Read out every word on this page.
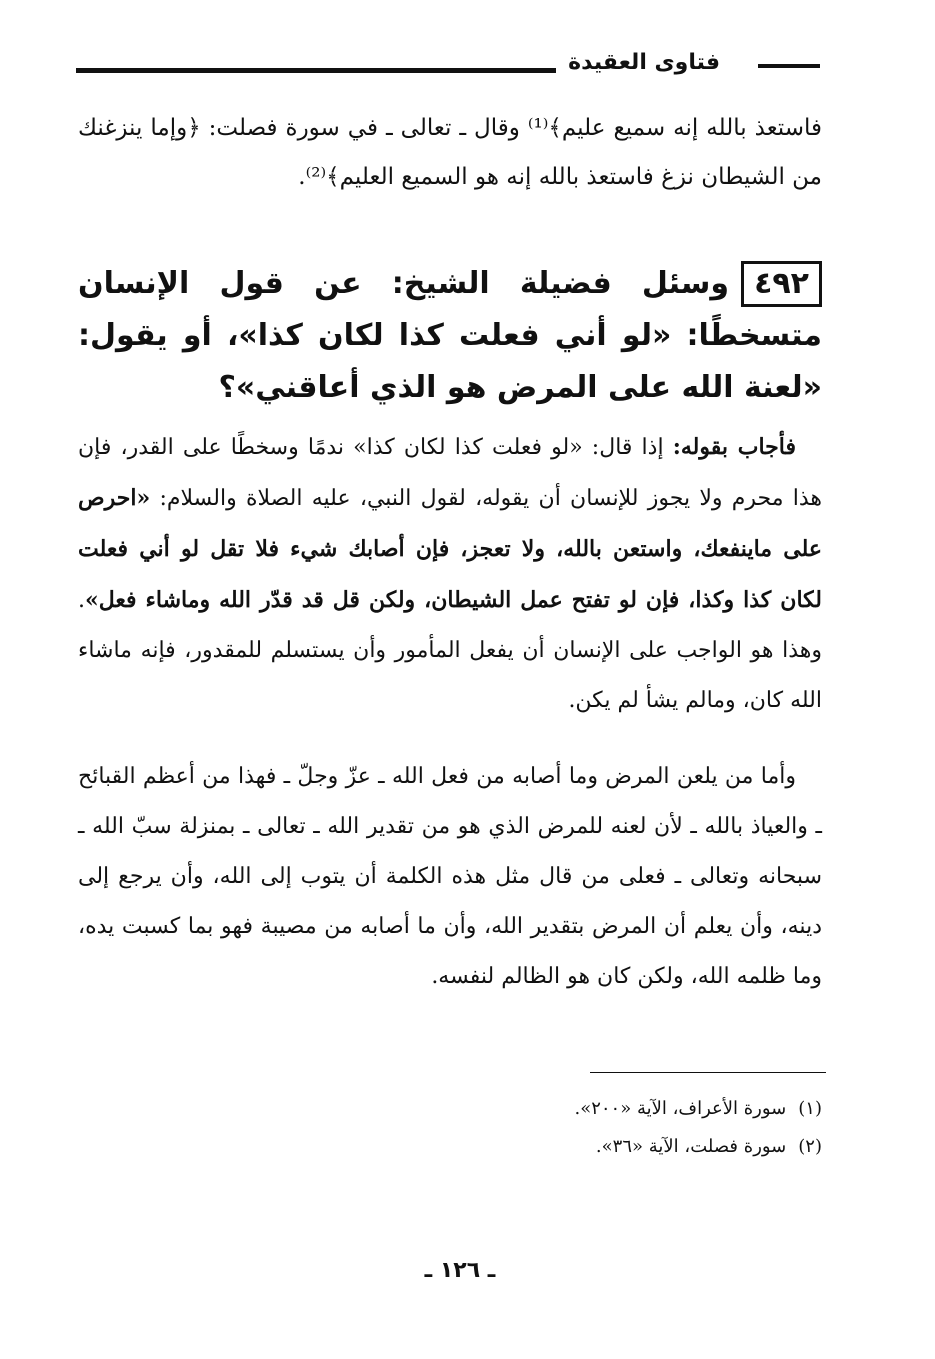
فتاوى العقيدة
فاستعذ بالله إنه سميع عليم﴾⁽¹⁾ وقال ـ تعالى ـ في سورة فصلت: ﴿وإما ينزغنك من الشيطان نزغ فاستعذ بالله إنه هو السميع العليم﴾⁽²⁾.
٤٩٢وسئل فضيلة الشيخ: عن قول الإنسان متسخطًا: «لو أني فعلت كذا لكان كذا»، أو يقول: «لعنة الله على المرض هو الذي أعاقني»؟
فأجاب بقوله: إذا قال: «لو فعلت كذا لكان كذا» ندمًا وسخطًا على القدر، فإن هذا محرم ولا يجوز للإنسان أن يقوله، لقول النبي، عليه الصلاة والسلام: «احرص على ماينفعك، واستعن بالله، ولا تعجز، فإن أصابك شيء فلا تقل لو أني فعلت لكان كذا وكذا، فإن لو تفتح عمل الشيطان، ولكن قل قد قدّر الله وماشاء فعل». وهذا هو الواجب على الإنسان أن يفعل المأمور وأن يستسلم للمقدور، فإنه ماشاء الله كان، ومالم يشأ لم يكن.
وأما من يلعن المرض وما أصابه من فعل الله ـ عزّ وجلّ ـ فهذا من أعظم القبائح ـ والعياذ بالله ـ لأن لعنه للمرض الذي هو من تقدير الله ـ تعالى ـ بمنزلة سبّ الله ـ سبحانه وتعالى ـ فعلى من قال مثل هذه الكلمة أن يتوب إلى الله، وأن يرجع إلى دينه، وأن يعلم أن المرض بتقدير الله، وأن ما أصابه من مصيبة فهو بما كسبت يده، وما ظلمه الله، ولكن كان هو الظالم لنفسه.
(١)سورة الأعراف، الآية «٢٠٠».
(٢)سورة فصلت، الآية «٣٦».
ـ ١٢٦ ـ
